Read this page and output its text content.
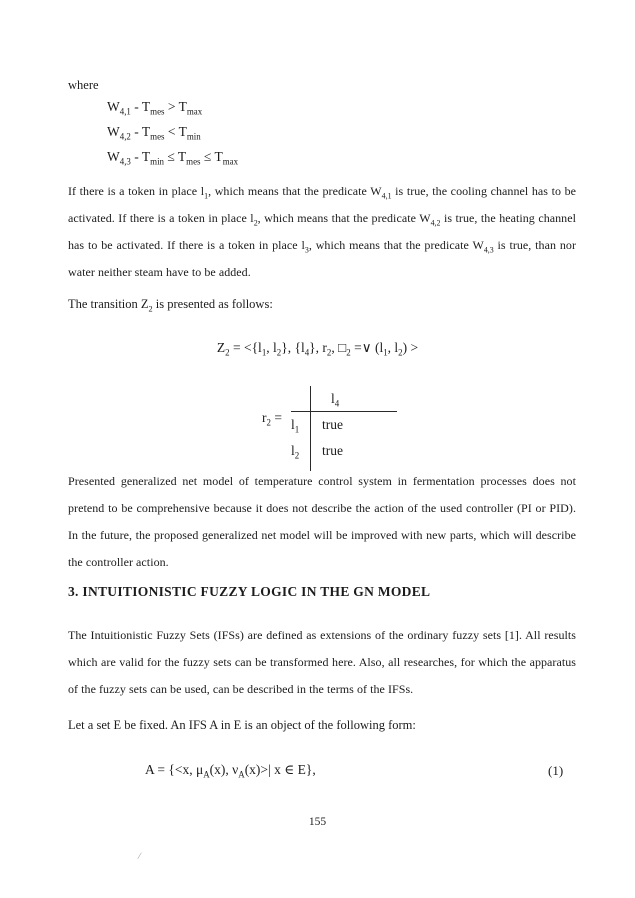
where
$W_{4,1} - T_{mes} > T_{max}$
$W_{4,2} - T_{mes} < T_{min}$
$W_{4,3} - T_{min} \le T_{mes} \le T_{max}$
If there is a token in place $l_1$, which means that the predicate $W_{4,1}$ is true, the cooling channel has to be activated. If there is a token in place $l_2$, which means that the predicate $W_{4,2}$ is true, the heating channel has to be activated. If there is a token in place $l_3$, which means that the predicate $W_{4,3}$ is true, than nor water neither steam have to be added.
The transition $Z_2$ is presented as follows:
$Z_2 = <\{l_1$, $l_2$}, $\{l_4\}$, $r_2$, $□_2$ =∨ ($l_1$, $l_2$) >
$r_2$ =
	$l_4$
$l_1$	true
$l_2$	true
Presented generalized net model of temperature control system in fermentation processes does not pretend to be comprehensive because it does not describe the action of the used controller (PI or PID). In the future, the proposed generalized net model will be improved with new parts, which will describe the controller action.
3. INTUITIONISTIC FUZZY LOGIC IN THE GN MODEL
The Intuitionistic Fuzzy Sets (IFSs) are defined as extensions of the ordinary fuzzy sets [1]. All results which are valid for the fuzzy sets can be transformed here. Also, all researches, for which the apparatus of the fuzzy sets can be used, can be described in the terms of the IFSs.
Let a set E be fixed. An IFS A in E is an object of the following form:
A = {<x, $\mu_A(x)$, $\nu_A(x)>|$ x ∈ E},	(1)
155
/
